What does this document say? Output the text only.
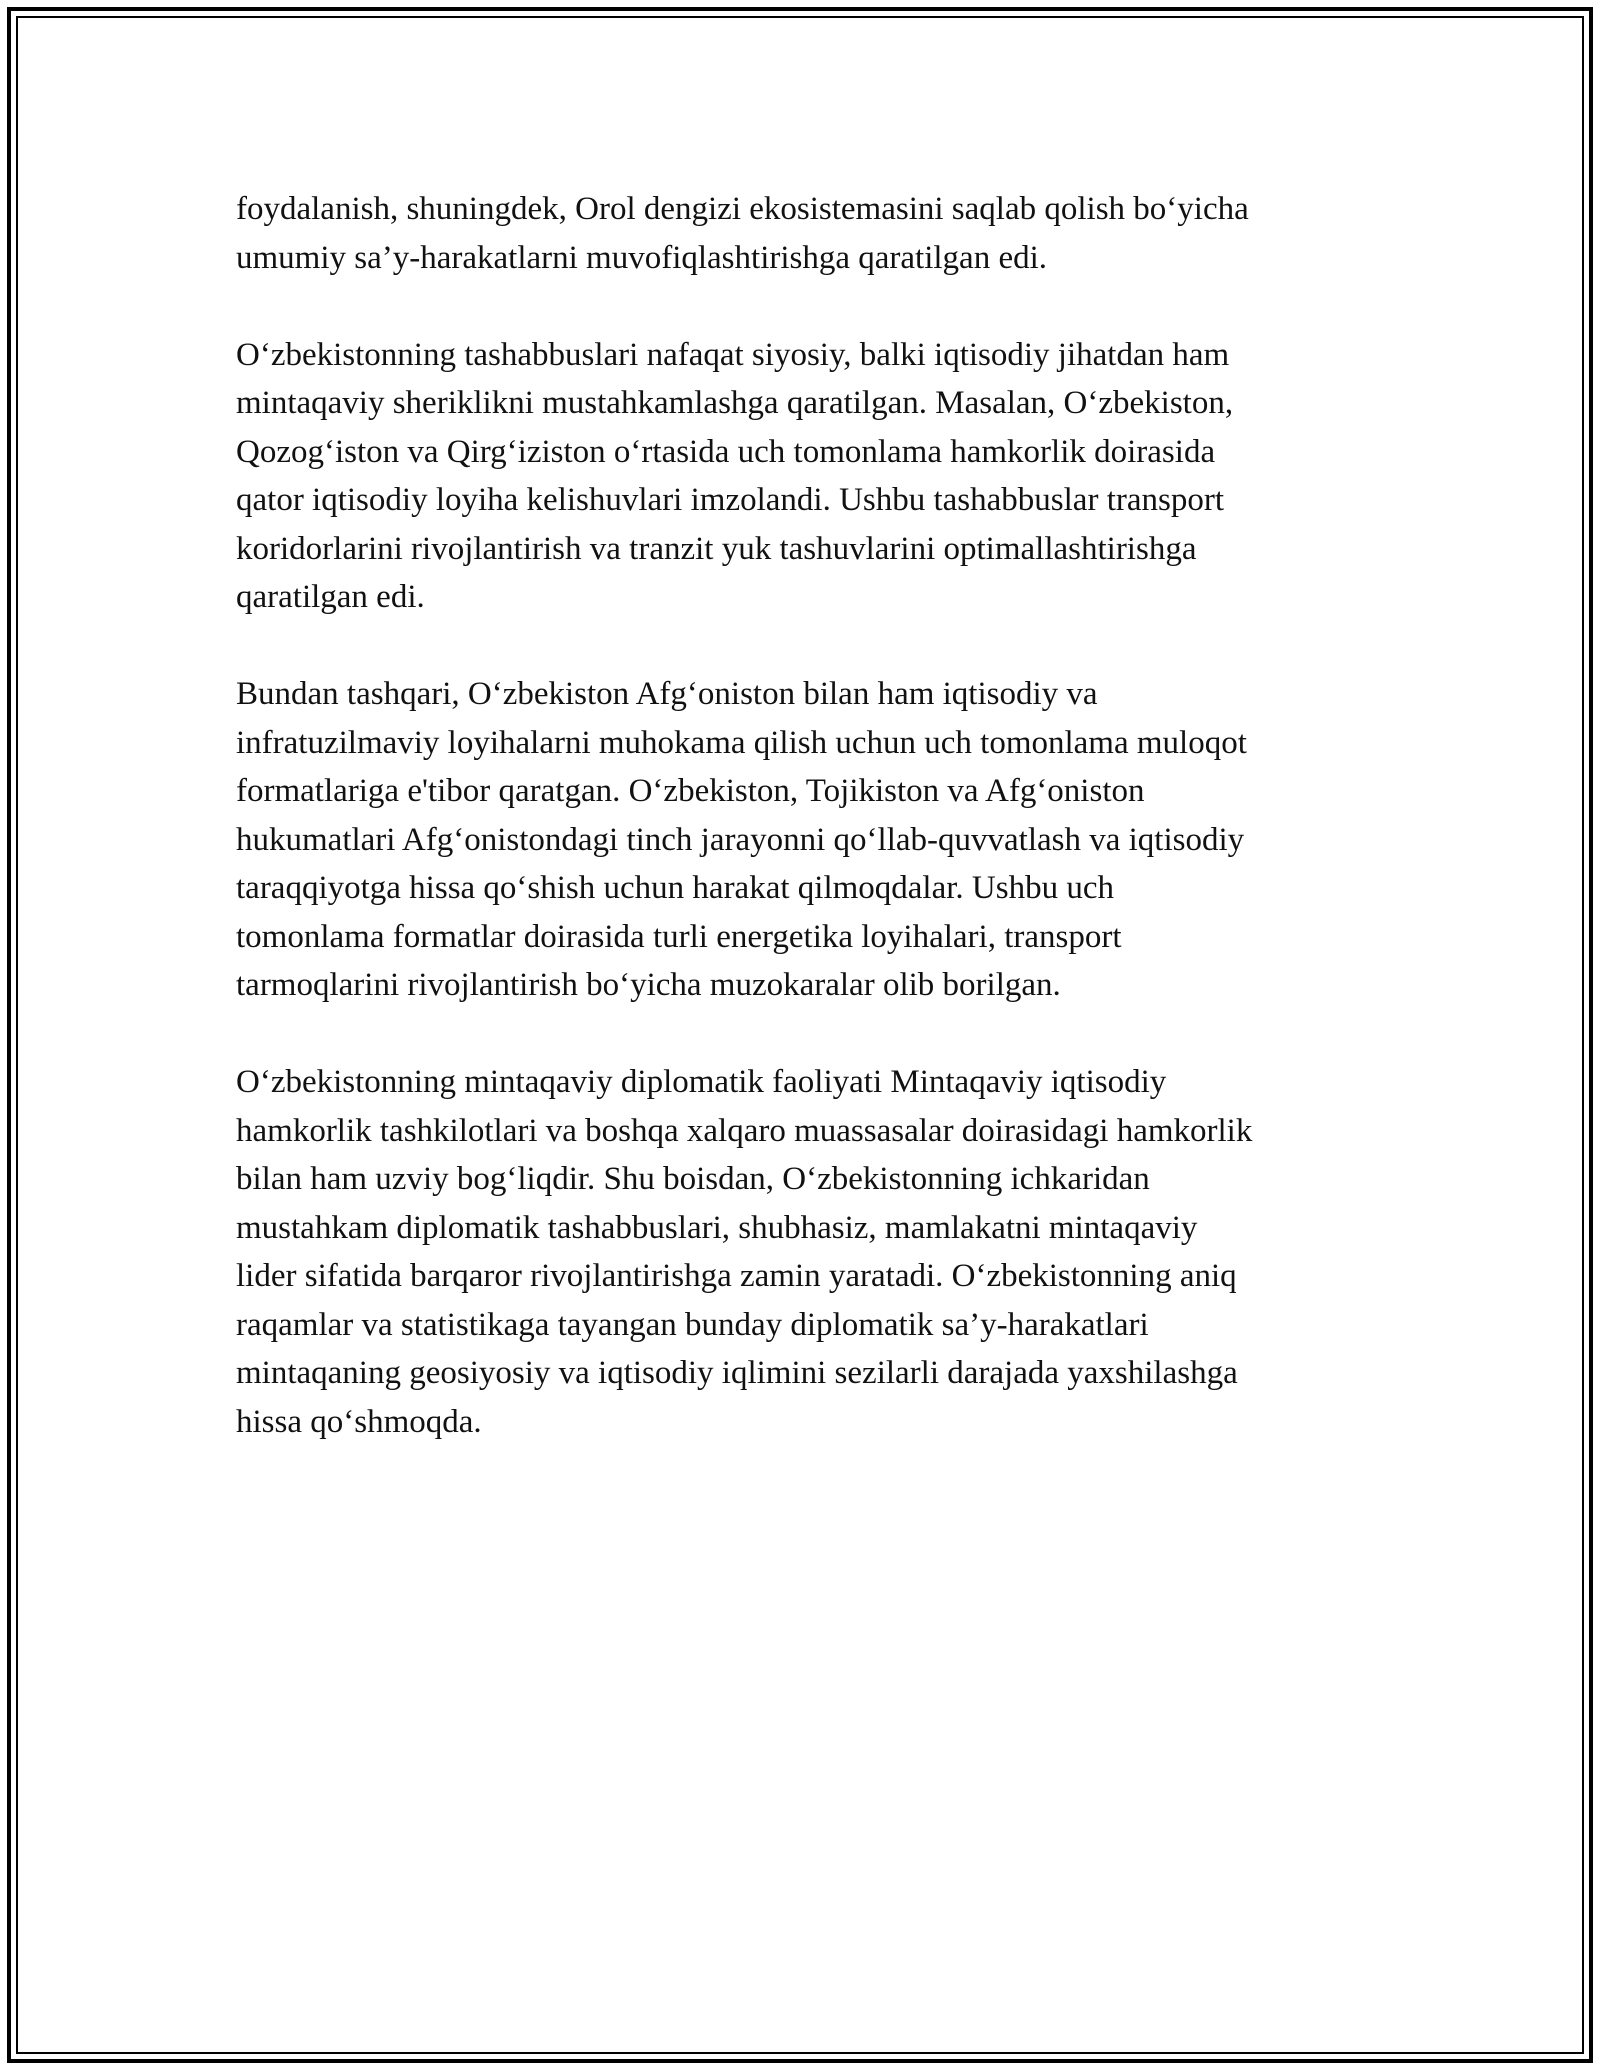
foydalanish, shuningdek, Orol dengizi ekosistemasini saqlab qolish bo‘yicha
umumiy sa’y-harakatlarni muvofiqlashtirishga qaratilgan edi.

O‘zbekistonning tashabbuslari nafaqat siyosiy, balki iqtisodiy jihatdan ham
mintaqaviy sheriklikni mustahkamlashga qaratilgan. Masalan, O‘zbekiston,
Qozog‘iston va Qirg‘iziston o‘rtasida uch tomonlama hamkorlik doirasida
qator iqtisodiy loyiha kelishuvlari imzolandi. Ushbu tashabbuslar transport
koridorlarini rivojlantirish va tranzit yuk tashuvlarini optimallashtirishga
qaratilgan edi.

Bundan tashqari, O‘zbekiston Afg‘oniston bilan ham iqtisodiy va
infratuzilmaviy loyihalarni muhokama qilish uchun uch tomonlama muloqot
formatlariga e'tibor qaratgan. O‘zbekiston, Tojikiston va Afg‘oniston
hukumatlari Afg‘onistondagi tinch jarayonni qo‘llab-quvvatlash va iqtisodiy
taraqqiyotga hissa qo‘shish uchun harakat qilmoqdalar. Ushbu uch
tomonlama formatlar doirasida turli energetika loyihalari, transport
tarmoqlarini rivojlantirish bo‘yicha muzokaralar olib borilgan.

O‘zbekistonning mintaqaviy diplomatik faoliyati Mintaqaviy iqtisodiy
hamkorlik tashkilotlari va boshqa xalqaro muassasalar doirasidagi hamkorlik
bilan ham uzviy bog‘liqdir. Shu boisdan, O‘zbekistonning ichkaridan
mustahkam diplomatik tashabbuslari, shubhasiz, mamlakatni mintaqaviy
lider sifatida barqaror rivojlantirishga zamin yaratadi. O‘zbekistonning aniq
raqamlar va statistikaga tayangan bunday diplomatik sa’y-harakatlari
mintaqaning geosiyosiy va iqtisodiy iqlimini sezilarli darajada yaxshilashga
hissa qo‘shmoqda.
